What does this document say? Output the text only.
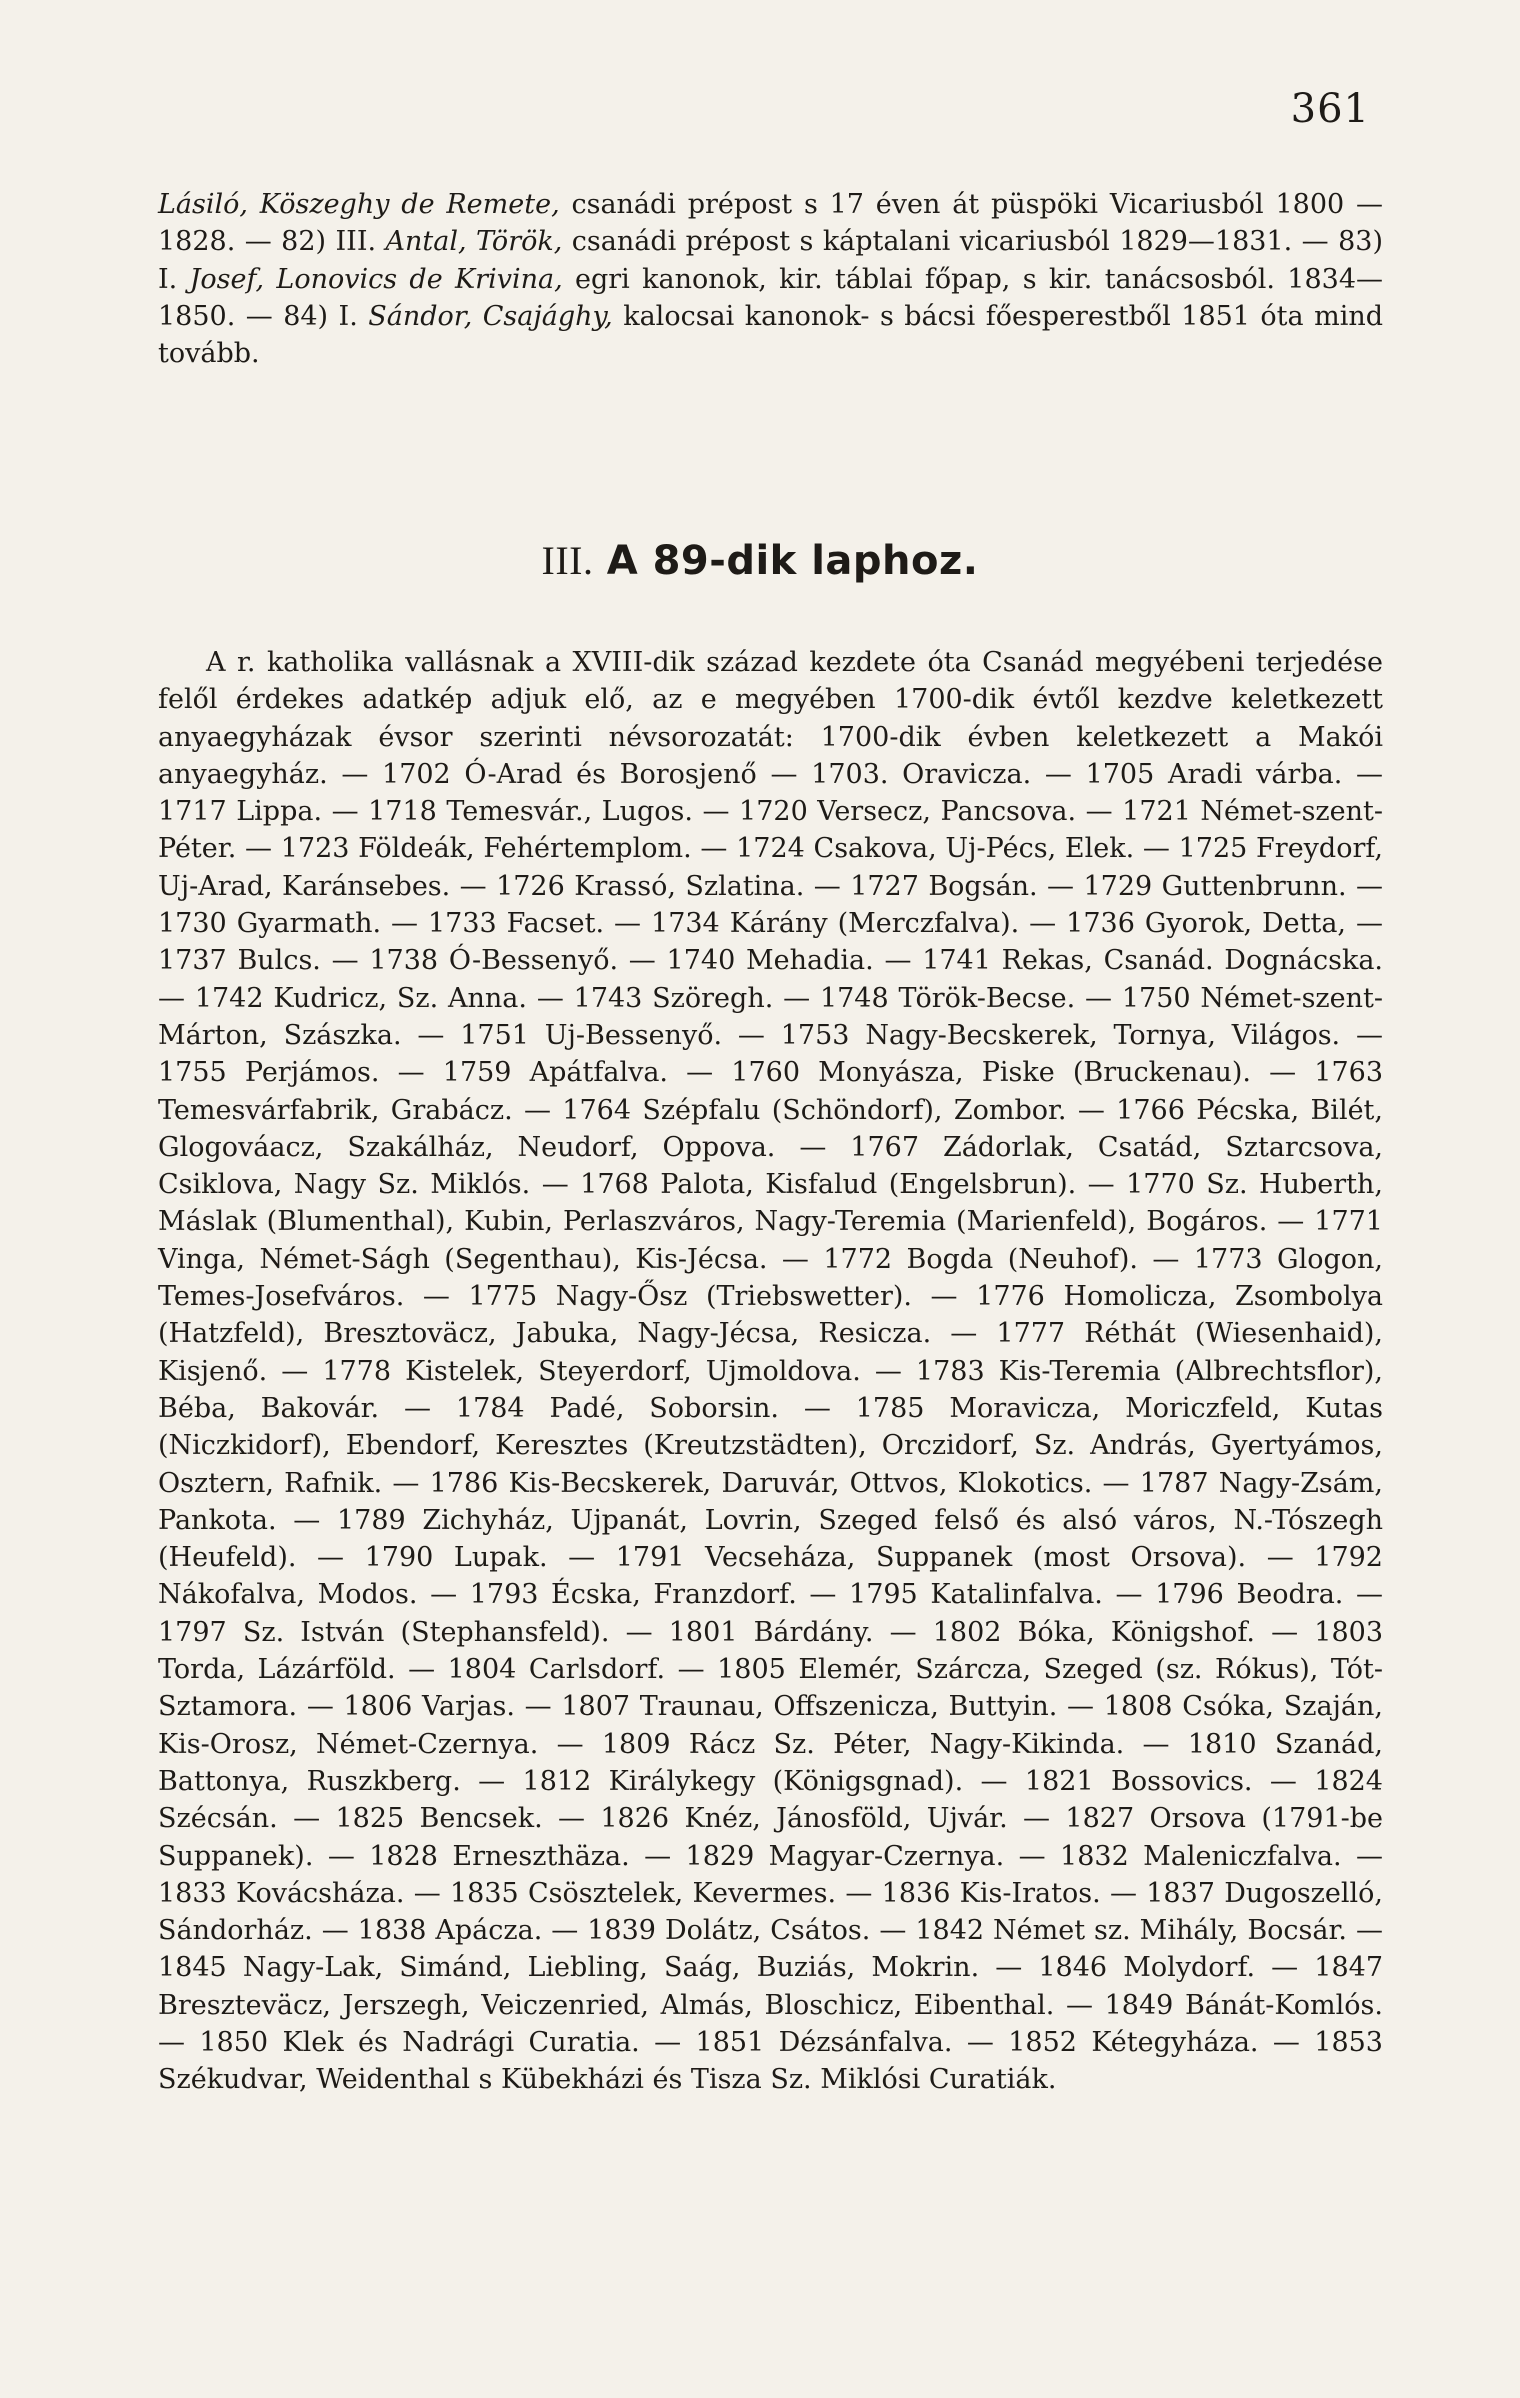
361

Lásiló, Köszeghy de Remete, csanádi prépost s 17 éven át püspöki Vicariusból 1800 —1828. — 82) III. Antal, Török, csanádi prépost s káptalani vicariusból 1829—1831. — 83) I. Josef, Lonovics de Krivina, egri kanonok, kir. táblai főpap, s kir. tanácsosból. 1834—1850. — 84) I. Sándor, Csajághy, kalocsai kanonok- s bácsi főesperestből 1851 óta mind tovább.

III. A 89-dik laphoz.

A r. katholika vallásnak a XVIII-dik század kezdete óta Csanád megyébeni terjedése felől érdekes adatkép adjuk elő, az e megyében 1700-dik évtől kezdve keletkezett anyaegyházak évsor szerinti névsorozatát: 1700-dik évben keletkezett a Makói anyaegyház. — 1702 Ó-Arad és Borosjenő — 1703. Oravicza. — 1705 Aradi várba. — 1717 Lippa. — 1718 Temesvár., Lugos. — 1720 Versecz, Pancsova. — 1721 Német-szent-Péter. — 1723 Földeák, Fehértemplom. — 1724 Csakova, Uj-Pécs, Elek. — 1725 Freydorf, Uj-Arad, Karánsebes. — 1726 Krassó, Szlatina. — 1727 Bogsán. — 1729 Guttenbrunn. — 1730 Gyarmath. — 1733 Facset. — 1734 Kárány (Merczfalva). — 1736 Gyorok, Detta, — 1737 Bulcs. — 1738 Ó-Bessenyő. — 1740 Mehadia. — 1741 Rekas, Csanád. Dognácska. — 1742 Kudricz, Sz. Anna. — 1743 Szöregh. — 1748 Török-Becse. — 1750 Német-szent-Márton, Szászka. — 1751 Uj-Bessenyő. — 1753 Nagy-Becskerek, Tornya, Világos. — 1755 Perjámos. — 1759 Apátfalva. — 1760 Monyásza, Piske (Bruckenau). — 1763 Temesvárfabrik, Grabácz. — 1764 Szépfalu (Schöndorf), Zombor. — 1766 Pécska, Bilét, Glogováacz, Szakálház, Neudorf, Oppova. — 1767 Zádorlak, Csatád, Sztarcsova, Csiklova, Nagy Sz. Miklós. — 1768 Palota, Kisfalud (Engelsbrun). — 1770 Sz. Huberth, Máslak (Blumenthal), Kubin, Perlaszváros, Nagy-Teremia (Marienfeld), Bogáros. — 1771 Vinga, Német-Ságh (Segenthau), Kis-Jécsa. — 1772 Bogda (Neuhof). — 1773 Glogon, Temes-Josefváros. — 1775 Nagy-Ősz (Triebswetter). — 1776 Homolicza, Zsombolya (Hatzfeld), Bresztoväcz, Jabuka, Nagy-Jécsa, Resicza. — 1777 Réthát (Wiesenhaid), Kisjenő. — 1778 Kistelek, Steyerdorf, Ujmoldova. — 1783 Kis-Teremia (Albrechtsflor), Béba, Bakovár. — 1784 Padé, Soborsin. — 1785 Moravicza, Moriczfeld, Kutas (Niczkidorf), Ebendorf, Keresztes (Kreutzstädten), Orczidorf, Sz. András, Gyertyámos, Osztern, Rafnik. — 1786 Kis-Becskerek, Daruvár, Ottvos, Klokotics. — 1787 Nagy-Zsám, Pankota. — 1789 Zichyház, Ujpanát, Lovrin, Szeged felső és alsó város, N.-Tószegh (Heufeld). — 1790 Lupak. — 1791 Vecseháza, Suppanek (most Orsova). — 1792 Nákofalva, Modos. — 1793 Écska, Franzdorf. — 1795 Katalinfalva. — 1796 Beodra. — 1797 Sz. István (Stephansfeld). — 1801 Bárdány. — 1802 Bóka, Königshof. — 1803 Torda, Lázárföld. — 1804 Carlsdorf. — 1805 Elemér, Szárcza, Szeged (sz. Rókus), Tót-Sztamora. — 1806 Varjas. — 1807 Traunau, Offszenicza, Buttyin. — 1808 Csóka, Szaján, Kis-Orosz, Német-Czernya. — 1809 Rácz Sz. Péter, Nagy-Kikinda. — 1810 Szanád, Battonya, Ruszkberg. — 1812 Királykegy (Königsgnad). — 1821 Bossovics. — 1824 Szécsán. — 1825 Bencsek. — 1826 Knéz, Jánosföld, Ujvár. — 1827 Orsova (1791-be Suppanek). — 1828 Erneszthäza. — 1829 Magyar-Czernya. — 1832 Maleniczfalva. — 1833 Kovácsháza. — 1835 Csösztelek, Kevermes. — 1836 Kis-Iratos. — 1837 Dugoszelló, Sándorház. — 1838 Apácza. — 1839 Dolátz, Csátos. — 1842 Német sz. Mihály, Bocsár. — 1845 Nagy-Lak, Simánd, Liebling, Saág, Buziás, Mokrin. — 1846 Molydorf. — 1847 Breszteväcz, Jerszegh, Veiczenried, Almás, Bloschicz, Eibenthal. — 1849 Bánát-Komlós. — 1850 Klek és Nadrági Curatia. — 1851 Dézsánfalva. — 1852 Kétegyháza. — 1853 Székudvar, Weidenthal s Kübekházi és Tisza Sz. Miklósi Curatiák.
